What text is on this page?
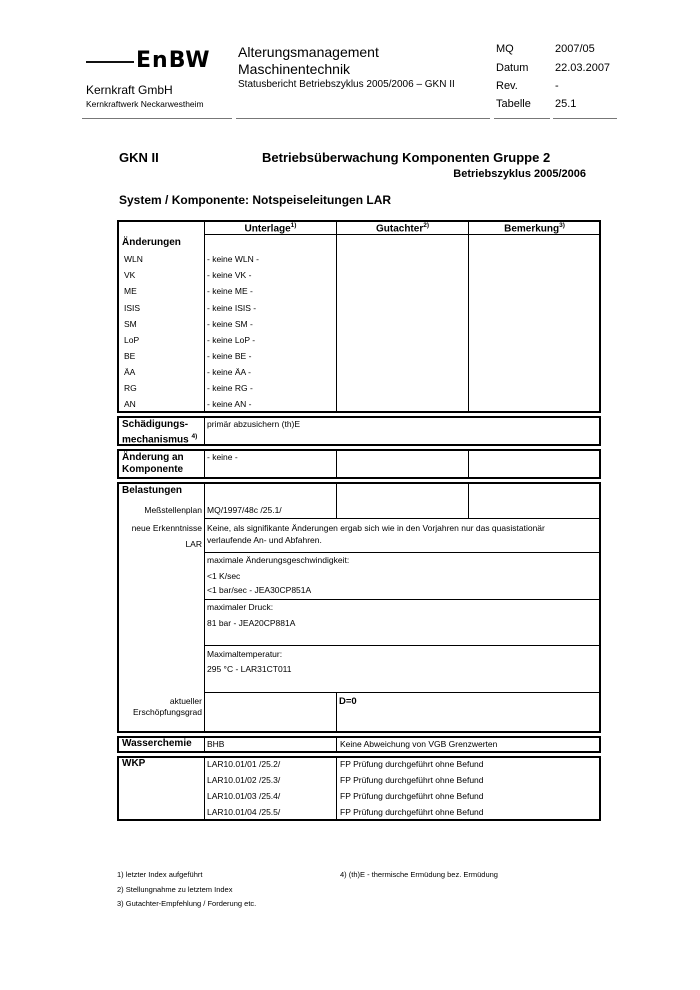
EnBW
Kernkraft GmbH
Kernkraftwerk Neckarwestheim
Alterungsmanagement
Maschinentechnik
Statusbericht Betriebszyklus 2005/2006 – GKN II
MQ	2007/05
Datum 22.03.2007
Rev.	-
Tabelle 25.1
GKN II	Betriebsüberwachung Komponenten Gruppe 2
Betriebszyklus 2005/2006
System / Komponente: Notspeiseleitungen LAR
Unterlage$^{1)}$	Gutachter$^{2)}$	Bemerkung$^{3)}$
Änderungen
WLN	- keine WLN -
VK	- keine VK -
ME	- keine ME -
ISIS	- keine ISIS -
SM	- keine SM -
LoP	- keine LoP -
BE	- keine BE -
ÄA	- keine ÄA -
RG	- keine RG -
AN	- keine AN -
Schädigungs-
mechanismus $^{4)}$
primär abzusichern (th)E
Änderung an
Komponente
- keine -
Belastungen
Meßstellenplan MQ/1997/48c /25.1/
neue Erkenntnisse
LAR
Keine, als signifikante Änderungen ergab sich wie in den Vorjahren nur das quasistationär
verlaufende An- und Abfahren.
maximale Änderungsgeschwindigkeit:
<1 K/sec
<1 bar/sec - JEA30CP851A
maximaler Druck:
81 bar - JEA20CP881A
Maximaltemperatur:
295 °C - LAR31CT011
aktueller
Erschöpfungsgrad
D=0
Wasserchemie BHB	Keine Abweichung von VGB Grenzwerten
WKP	LAR10.01/01 /25.2/	FP Prüfung durchgeführt ohne Befund
LAR10.01/02 /25.3/	FP Prüfung durchgeführt ohne Befund
LAR10.01/03 /25.4/	FP Prüfung durchgeführt ohne Befund
LAR10.01/04 /25.5/	FP Prüfung durchgeführt ohne Befund
1) letzter Index aufgeführt
2) Stellungnahme zu letztem Index
3) Gutachter-Empfehlung / Forderung etc.
4) (th)E - thermische Ermüdung bez. Ermüdung
